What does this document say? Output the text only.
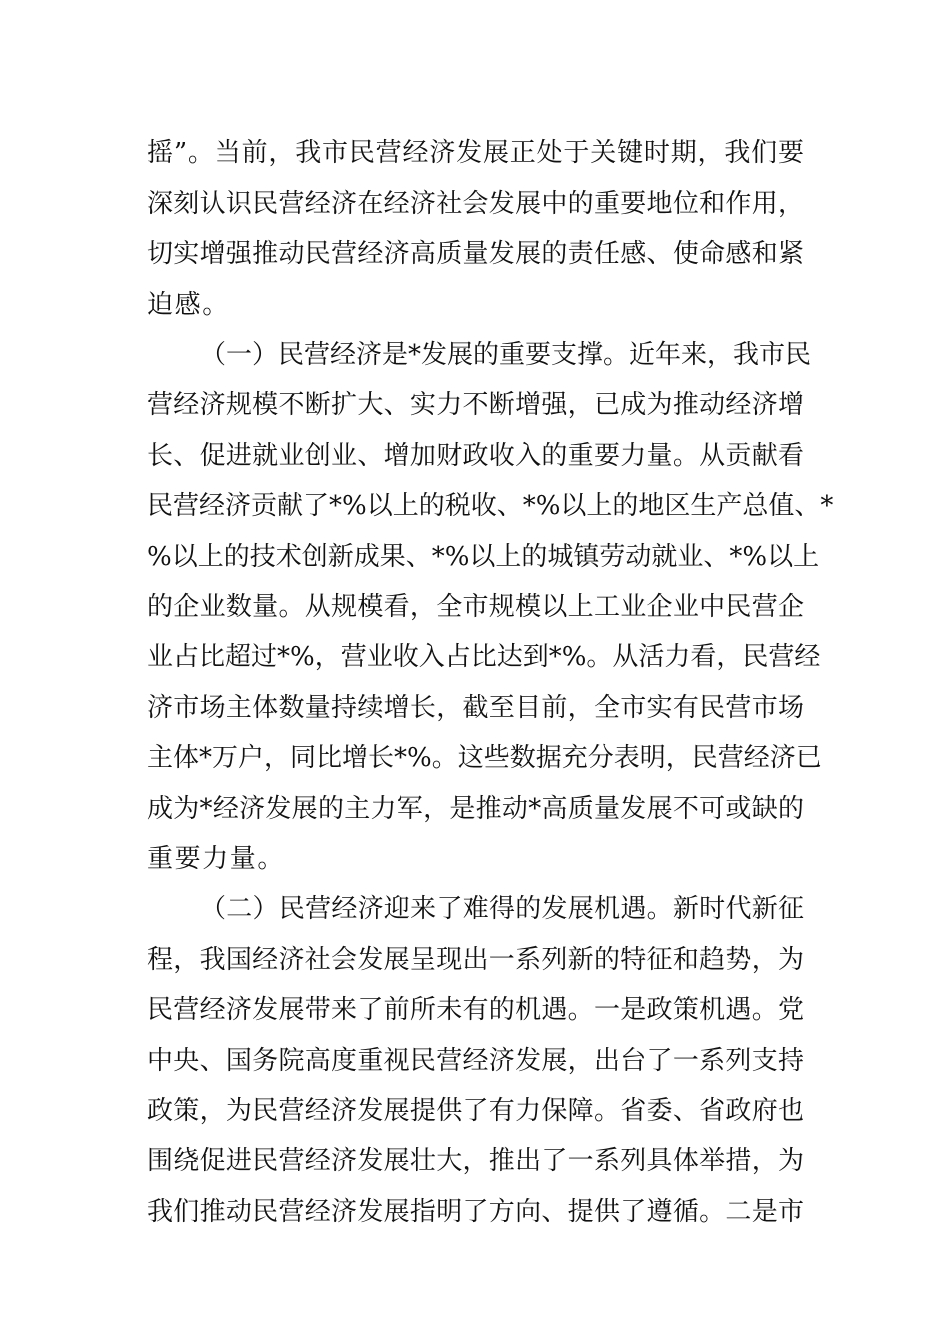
摇”。当前，我市民营经济发展正处于关键时期，我们要
深刻认识民营经济在经济社会发展中的重要地位和作用，
切实增强推动民营经济高质量发展的责任感、使命感和紧
迫感。
（一）民营经济是*发展的重要支撑。近年来，我市民
营经济规模不断扩大、实力不断增强，已成为推动经济增
长、促进就业创业、增加财政收入的重要力量。从贡献看
民营经济贡献了*%以上的税收、*%以上的地区生产总值、*
%以上的技术创新成果、*%以上的城镇劳动就业、*%以上
的企业数量。从规模看，全市规模以上工业企业中民营企
业占比超过*%，营业收入占比达到*%。从活力看，民营经
济市场主体数量持续增长，截至目前，全市实有民营市场
主体*万户，同比增长*%。这些数据充分表明，民营经济已
成为*经济发展的主力军，是推动*高质量发展不可或缺的
重要力量。
（二）民营经济迎来了难得的发展机遇。新时代新征
程，我国经济社会发展呈现出一系列新的特征和趋势，为
民营经济发展带来了前所未有的机遇。一是政策机遇。党
中央、国务院高度重视民营经济发展，出台了一系列支持
政策，为民营经济发展提供了有力保障。省委、省政府也
围绕促进民营经济发展壮大，推出了一系列具体举措，为
我们推动民营经济发展指明了方向、提供了遵循。二是市
